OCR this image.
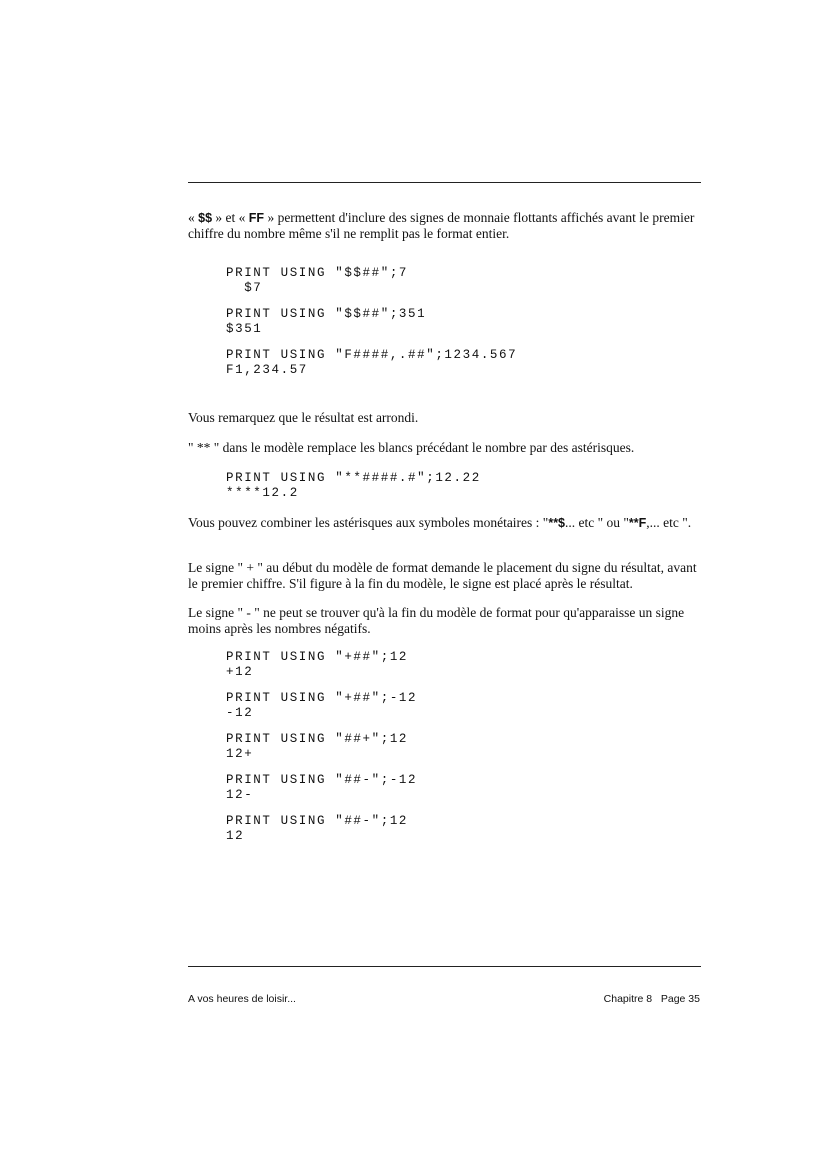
« $$ » et « FF » permettent d'inclure des signes de monnaie flottants affichés avant le premier chiffre du nombre même s'il ne remplit pas le format entier.

PRINT USING "$$##";7
$7
PRINT USING "$$##";351
$351
PRINT USING "F####,.##";1234.567
F1,234.57

Vous remarquez que le résultat est arrondi.

" ** " dans le modèle remplace les blancs précédant le nombre par des astérisques.

PRINT USING "**####.#";12.22
****12.2

Vous pouvez combiner les astérisques aux symboles monétaires : "**$... etc " ou "**F,... etc ".

Le signe " + " au début du modèle de format demande le placement du signe du résultat, avant le premier chiffre. S'il figure à la fin du modèle, le signe est placé après le résultat.

Le signe " - " ne peut se trouver qu'à la fin du modèle de format pour qu'apparaisse un signe moins après les nombres négatifs.

PRINT USING "+##";12
+12
PRINT USING "+##";-12
-12
PRINT USING "##+";12
12+
PRINT USING "##-";-12
12-
PRINT USING "##-";12
12
A vos heures de loisir...	Chapitre 8   Page 35
